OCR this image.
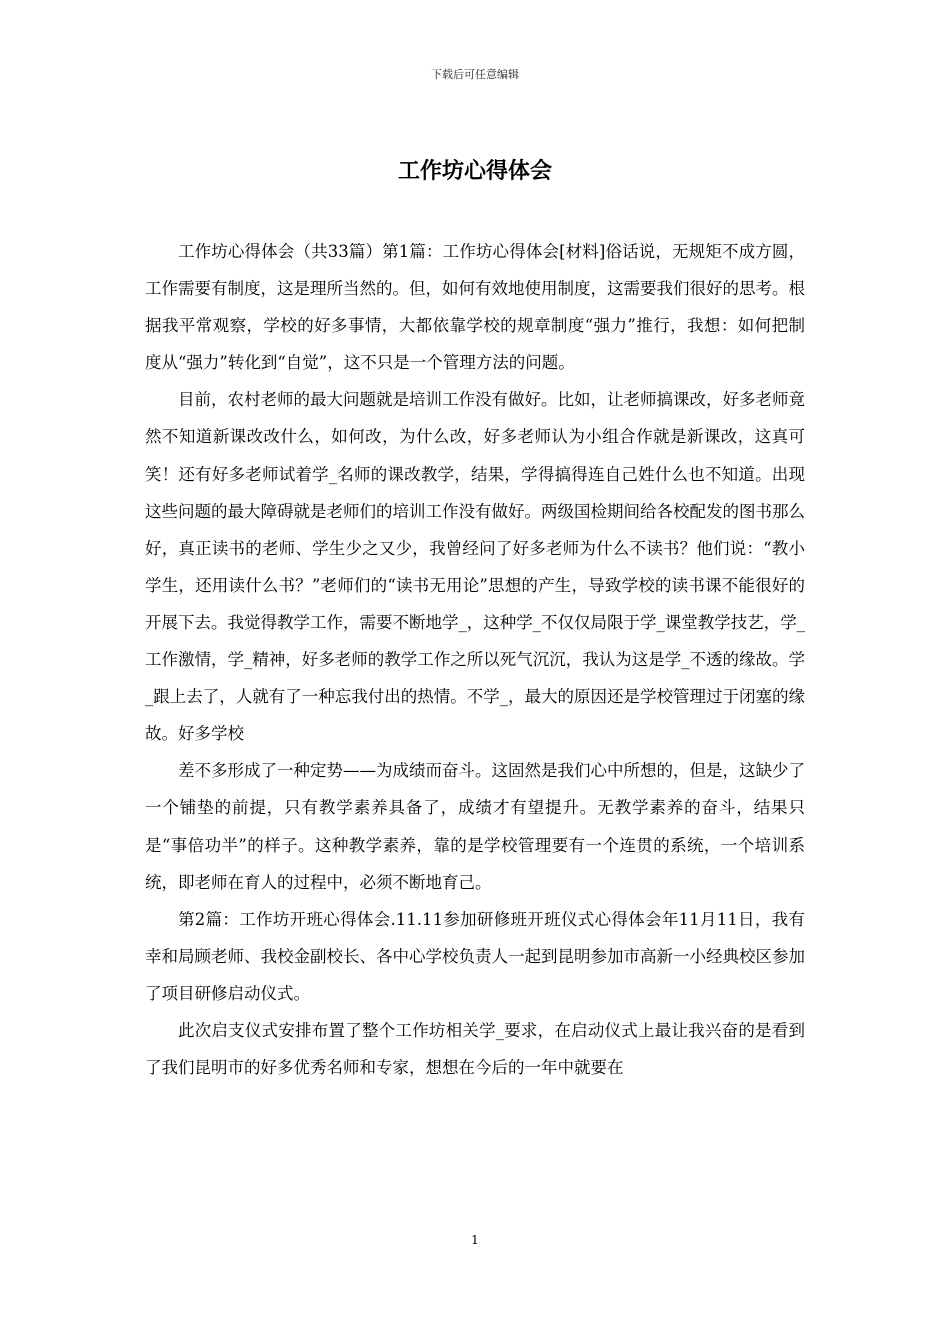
下载后可任意编辑
工作坊心得体会

工作坊心得体会（共33篇）第1篇：工作坊心得体会[材料]俗话说，无规矩不成方圆，工作需要有制度，这是理所当然的。但，如何有效地使用制度，这需要我们很好的思考。根据我平常观察，学校的好多事情，大都依靠学校的规章制度“强力”推行，我想：如何把制度从“强力”转化到“自觉”，这不只是一个管理方法的问题。

目前，农村老师的最大问题就是培训工作没有做好。比如，让老师搞课改，好多老师竟然不知道新课改改什么，如何改，为什么改，好多老师认为小组合作就是新课改，这真可笑！还有好多老师试着学_名师的课改教学，结果，学得搞得连自己姓什么也不知道。出现这些问题的最大障碍就是老师们的培训工作没有做好。两级国检期间给各校配发的图书那么好，真正读书的老师、学生少之又少，我曾经问了好多老师为什么不读书？他们说：“教小学生，还用读什么书？”老师们的“读书无用论”思想的产生，导致学校的读书课不能很好的开展下去。我觉得教学工作，需要不断地学_，这种学_不仅仅局限于学_课堂教学技艺，学_工作激情，学_精神，好多老师的教学工作之所以死气沉沉，我认为这是学_不透的缘故。学_跟上去了，人就有了一种忘我付出的热情。不学_，最大的原因还是学校管理过于闭塞的缘故。好多学校

差不多形成了一种定势——为成绩而奋斗。这固然是我们心中所想的，但是，这缺少了一个铺垫的前提，只有教学素养具备了，成绩才有望提升。无教学素养的奋斗，结果只是“事倍功半”的样子。这种教学素养，靠的是学校管理要有一个连贯的系统，一个培训系统，即老师在育人的过程中，必须不断地育己。

第2篇：工作坊开班心得体会.11.11参加研修班开班仪式心得体会年11月11日，我有幸和局顾老师、我校金副校长、各中心学校负责人一起到昆明参加市高新一小经典校区参加了项目研修启动仪式。

此次启支仪式安排布置了整个工作坊相关学_要求，在启动仪式上最让我兴奋的是看到了我们昆明市的好多优秀名师和专家，想想在今后的一年中就要在

1
